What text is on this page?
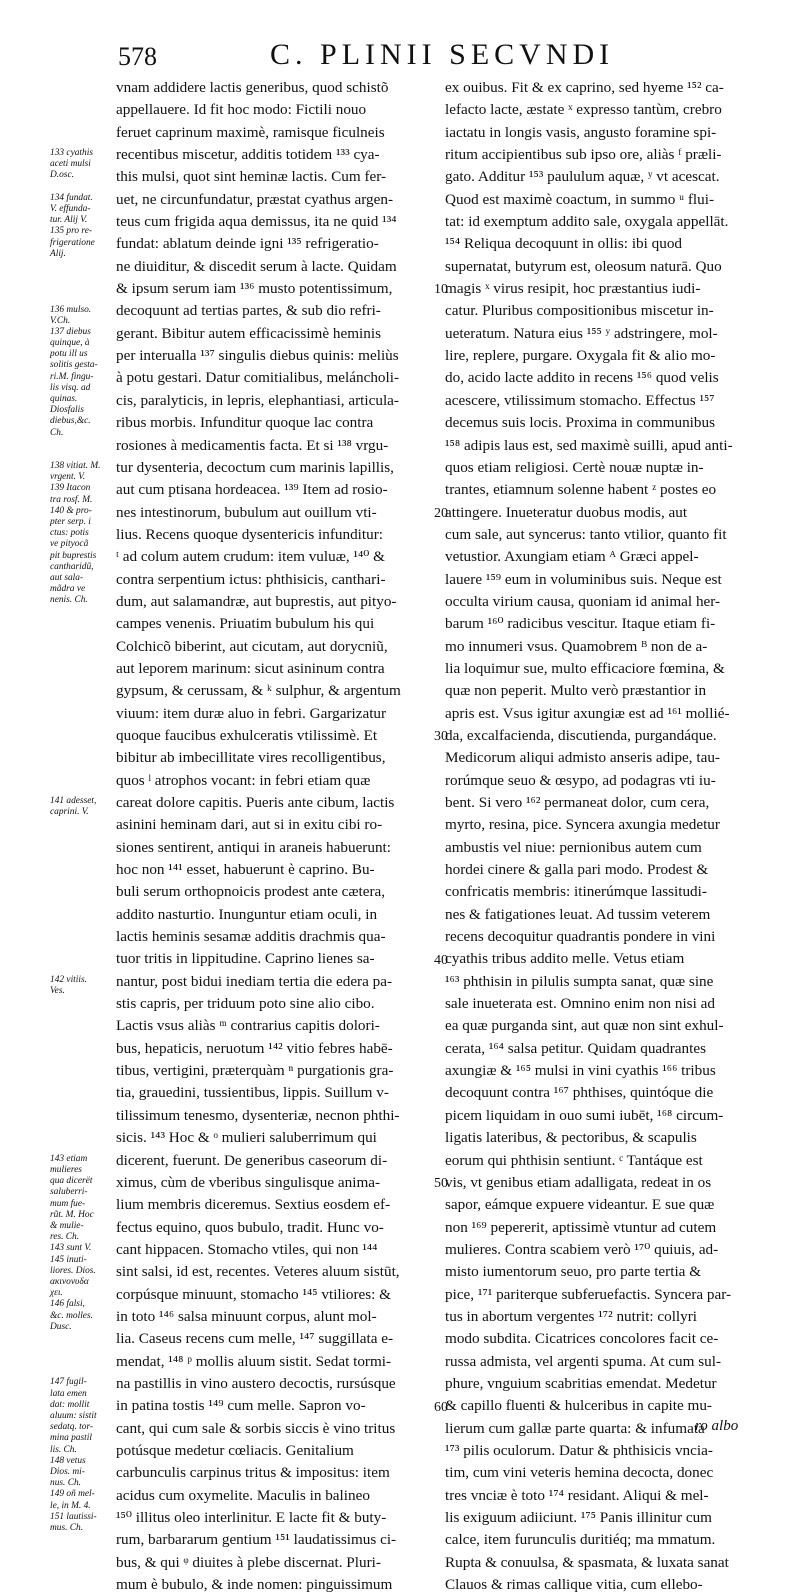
578	C. PLINII SECVNDI
133 cyathis
aceti mulsi
D.osc.
134 fundat.
V. effunda-
tur. Alij V.
135 pro re-
frigeratione
Alij.
136 mulso.
V.Ch.
137 diebus
quinque, à
potu ill us
solitis gesta-
ri.M. fingu-
lis visq. ad
quinas.
Diosfalis
diebus,&c.
Ch.
138 vitiat. M.
vrgent. V.
139 Itacon
tra rosf. M.
140 & pro-
pter serp. i
ctus: potis
ve pityocã
pit buprestis
cantharidũ,
aut sala-
mãdra ve
nenis. Ch.
141 adesset,
caprini. V.
142 vitiis.
Ves.
143 etiam
mulieres
qua dicerët
saluberri-
mum fue-
rũt. M. Hoc
& mulie-
res. Ch.
143 sunt V.
145 inuti-
liores. Dios.
ακινονυδα
χει.
146 falsi,
&c. molles.
Dusc.
147 fugil-
lata emen
dat: mollit
aluum: sistit
sedatq. tor-
mina pastil
lis. Ch.
148 vetus
Dios. mi-
nus. Ch.
149 oñ mel-
le, in M. 4.
151 lautissi-
mus. Ch.
vnam addidere lactis generibus, quod schistõ
appellauere. Id fit hoc modo: Fictili nouo
feruet caprinum maximè, ramisque ficulneis
recentibus miscetur, additis totidem ¹³³ cya-
this mulsi, quot sint heminæ lactis. Cum fer-
uet, ne circunfundatur, præstat cyathus argen-
teus cum frigida aqua demissus, ita ne quid ¹³⁴
fundat: ablatum deinde igni ¹³⁵ refrigeratio-
ne diuiditur, & discedit serum à lacte. Quidam
& ipsum serum iam ¹³⁶ musto potentissimum,
decoquunt ad tertias partes, & sub dio refri-
gerant. Bibitur autem efficacissimè heminis
per interualla ¹³⁷ singulis diebus quinis: meliùs
à potu gestari. Datur comitialibus, meláncholi-
cis, paralyticis, in lepris, elephantiasi, articula-
ribus morbis. Infunditur quoque lac contra
rosiones à medicamentis facta. Et si ¹³⁸ vrgu-
tur dysenteria, decoctum cum marinis lapillis,
aut cum ptisana hordeacea. ¹³⁹ Item ad rosio-
nes intestinorum, bubulum aut ouillum vti-
lius. Recens quoque dysentericis infunditur:
ᵗ ad colum autem crudum: item vuluæ, ¹⁴⁰ &
contra serpentium ictus: phthisicis, canthari-
dum, aut salamandræ, aut buprestis, aut pityo-
campes venenis. Priuatim bubulum his qui
Colchicõ biberint, aut cicutam, aut dorycniũ,
aut leporem marinum: sicut asininum contra
gypsum, & cerussam, & ᵏ sulphur, & argentum
viuum: item duræ aluo in febri. Gargarizatur
quoque faucibus exhulceratis vtilissimè. Et
bibitur ab imbecillitate vires recolligentibus,
quos ˡ atrophos vocant: in febri etiam quæ
careat dolore capitis. Pueris ante cibum, lactis
asinini heminam dari, aut si in exitu cibi ro-
siones sentirent, antiqui in araneis habuerunt:
hoc non ¹⁴¹ esset, habuerunt è caprino. Bu-
buli serum orthopnoicis prodest ante cætera,
addito nasturtio. Inunguntur etiam oculi, in
lactis heminis sesamæ additis drachmis qua-
tuor tritis in lippitudine. Caprino lienes sa-
nantur, post bidui inediam tertia die edera pa-
stis capris, per triduum poto sine alio cibo.
Lactis vsus aliàs ᵐ contrarius capitis dolori-
bus, hepaticis, neruotum ¹⁴² vitio febres habē-
tibus, vertigini, præterquàm ⁿ purgationis gra-
tia, grauedini, tussientibus, lippis. Suillum v-
tilissimum tenesmo, dysenteriæ, necnon phthi-
sicis. ¹⁴³ Hoc & ᵒ mulieri saluberrimum qui
dicerent, fuerunt. De generibus caseorum di-
ximus, cùm de vberibus singulisque anima-
lium membris diceremus. Sextius eosdem ef-
fectus equino, quos bubulo, tradit. Hunc vo-
cant hippacen. Stomacho vtiles, qui non ¹⁴⁴
sint salsi, id est, recentes. Veteres aluum sistūt,
corpúsque minuunt, stomacho ¹⁴⁵ vtiliores: &
in toto ¹⁴⁶ salsa minuunt corpus, alunt mol-
lia. Caseus recens cum melle, ¹⁴⁷ suggillata e-
mendat, ¹⁴⁸ ᵖ mollis aluum sistit. Sedat tormi-
na pastillis in vino austero decoctis, rursúsque
in patina tostis ¹⁴⁹ cum melle. Sapron vo-
cant, qui cum sale & sorbis siccis è vino tritus
potúsque medetur cœliacis. Genitalium
carbunculis carpinus tritus & impositus: item
acidus cum oxymelite. Maculis in balineo
¹⁵⁰ illitus oleo interlinitur. E lacte fit & buty-
rum, barbararum gentium ¹⁵¹ laudatissimus ci-
bus, & qui ᵠ diuites à plebe discernat. Pluri-
mum è bubulo, & inde nomen: pinguissimum
10
20
30
40
50
60
ex ouibus. Fit & ex caprino, sed hyeme ¹⁵² ca-
lefacto lacte, æstate ˣ expresso tantùm, crebro
iactatu in longis vasis, angusto foramine spi-
ritum accipientibus sub ipso ore, aliàs ᶠ præli-
gato. Additur ¹⁵³ paululum aquæ, ʸ vt acescat.
Quod est maximè coactum, in summo ᵘ flui-
tat: id exemptum addito sale, oxygala appellāt.
¹⁵⁴ Reliqua decoquunt in ollis: ibi quod
supernatat, butyrum est, oleosum naturā. Quo
magis ˣ virus resipit, hoc præstantius iudi-
catur. Pluribus compositionibus miscetur in-
ueteratum. Natura eius ¹⁵⁵ ʸ adstringere, mol-
lire, replere, purgare. Oxygala fit & alio mo-
do, acido lacte addito in recens ¹⁵⁶ quod velis
acescere, vtilissimum stomacho. Effectus ¹⁵⁷
decemus suis locis. Proxima in communibus
¹⁵⁸ adipis laus est, sed maximè suilli, apud anti-
quos etiam religiosi. Certè nouæ nuptæ in-
trantes, etiamnum solenne habent ᶻ postes eo
attingere. Inueteratur duobus modis, aut
cum sale, aut syncerus: tanto vtilior, quanto fit
vetustior. Axungiam etiam ᴬ Græci appel-
lauere ¹⁵⁹ eum in voluminibus suis. Neque est
occulta virium causa, quoniam id animal her-
barum ¹⁶⁰ radicibus vescitur. Itaque etiam fi-
mo innumeri vsus. Quamobrem ᴮ non de a-
lia loquimur sue, multo efficaciore fœmina, &
quæ non peperit. Multo verò præstantior in
apris est. Vsus igitur axungiæ est ad ¹⁶¹ mollié-
da, excalfacienda, discutienda, purgandáque.
Medicorum aliqui admisto anseris adipe, tau-
rorúmque seuo & œsypo, ad podagras vti iu-
bent. Si vero ¹⁶² permaneat dolor, cum cera,
myrto, resina, pice. Syncera axungia medetur
ambustis vel niue: pernionibus autem cum
hordei cinere & galla pari modo. Prodest &
confricatis membris: itinerúmque lassitudi-
nes & fatigationes leuat. Ad tussim veterem
recens decoquitur quadrantis pondere in vini
cyathis tribus addito melle. Vetus etiam
¹⁶³ phthisin in pilulis sumpta sanat, quæ sine
sale inueterata est. Omnino enim non nisi ad
ea quæ purganda sint, aut quæ non sint exhul-
cerata, ¹⁶⁴ salsa petitur. Quidam quadrantes
axungiæ & ¹⁶⁵ mulsi in vini cyathis ¹⁶⁶ tribus
decoquunt contra ¹⁶⁷ phthises, quintóque die
picem liquidam in ouo sumi iubēt, ¹⁶⁸ circum-
ligatis lateribus, & pectoribus, & scapulis
eorum qui phthisin sentiunt. ᶜ Tantáque est
vis, vt genibus etiam adalligata, redeat in os
sapor, eámque expuere videantur. E sue quæ
non ¹⁶⁹ pepererit, aptissimè vtuntur ad cutem
mulieres. Contra scabiem verò ¹⁷⁰ quiuis, ad-
misto iumentorum seuo, pro parte tertia &
pice, ¹⁷¹ pariterque subferuefactis. Syncera par-
tus in abortum vergentes ¹⁷² nutrit: collyri
modo subdita. Cicatrices concolores facit ce-
russa admista, vel argenti spuma. At cum sul-
phure, vnguium scabritias emendat. Medetur
& capillo fluenti & hulceribus in capite mu-
lierum cum gallæ parte quarta: & infumata
¹⁷³ pilis oculorum. Datur & phthisicis vncia-
tim, cum vini veteris hemina decocta, donec
tres vnciæ è toto ¹⁷⁴ residant. Aliqui & mel-
lis exiguum adiiciunt. ¹⁷⁵ Panis illinitur cum
calce, item furunculis duritiéq; ma mmatum.
Rupta & conuulsa, & spasmata, & luxata sanat
Clauos & rimas callique vitia, cum ellebo-
ro albo
